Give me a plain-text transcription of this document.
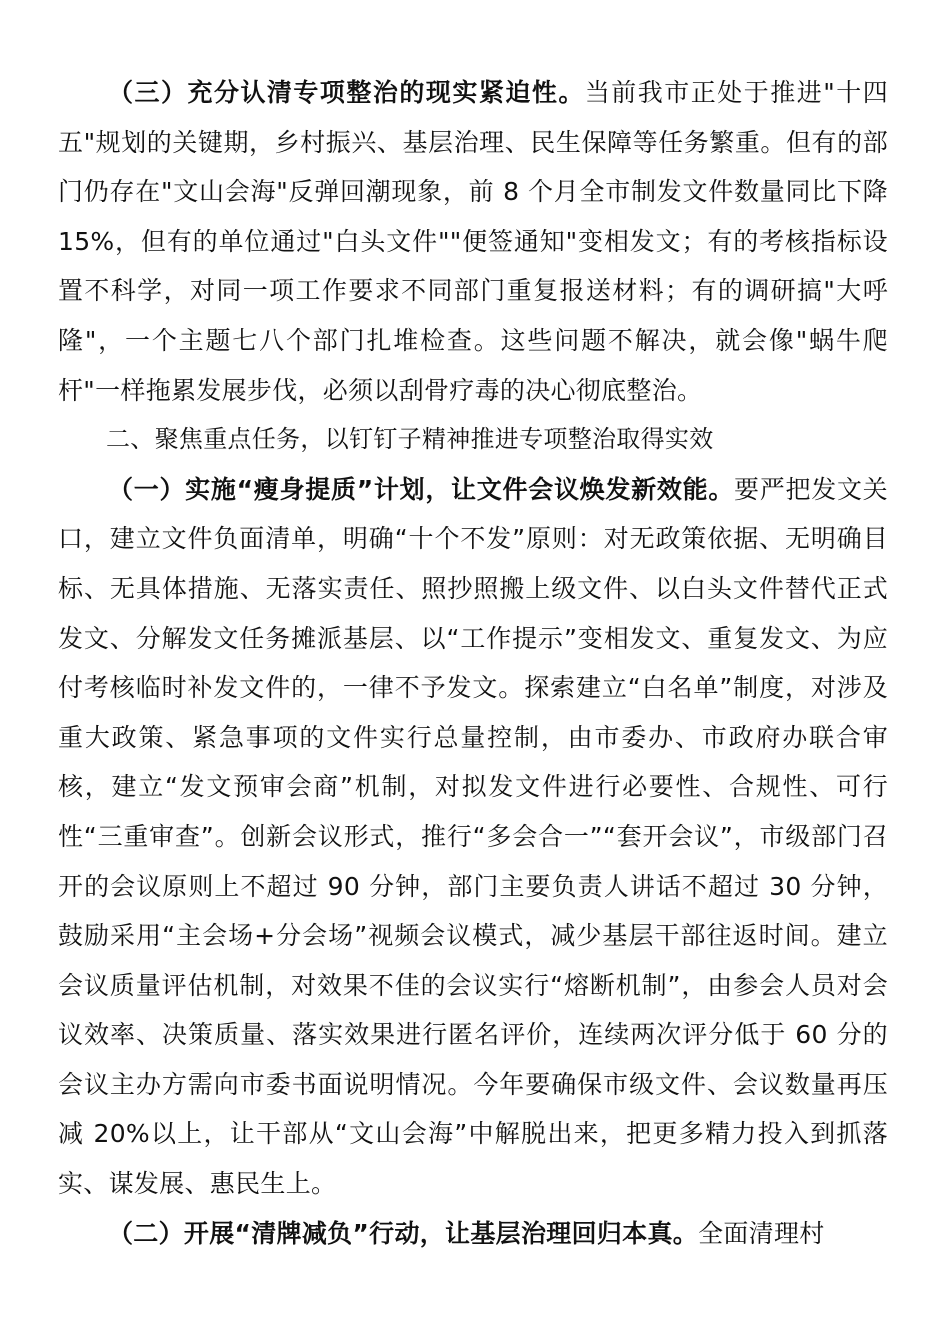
（三）充分认清专项整治的现实紧迫性。当前我市正处于推进"十四五"规划的关键期，乡村振兴、基层治理、民生保障等任务繁重。但有的部门仍存在"文山会海"反弹回潮现象，前 8 个月全市制发文件数量同比下降 15%，但有的单位通过"白头文件""便签通知"变相发文；有的考核指标设置不科学，对同一项工作要求不同部门重复报送材料；有的调研搞"大呼隆"，一个主题七八个部门扎堆检查。这些问题不解决，就会像"蜗牛爬杆"一样拖累发展步伐，必须以刮骨疗毒的决心彻底整治。

二、聚焦重点任务，以钉钉子精神推进专项整治取得实效

（一）实施“瘦身提质”计划，让文件会议焕发新效能。要严把发文关口，建立文件负面清单，明确“十个不发”原则：对无政策依据、无明确目标、无具体措施、无落实责任、照抄照搬上级文件、以白头文件替代正式发文、分解发文任务摊派基层、以“工作提示”变相发文、重复发文、为应付考核临时补发文件的，一律不予发文。探索建立“白名单”制度，对涉及重大政策、紧急事项的文件实行总量控制，由市委办、市政府办联合审核，建立“发文预审会商”机制，对拟发文件进行必要性、合规性、可行性“三重审查”。创新会议形式，推行“多会合一”“套开会议”，市级部门召开的会议原则上不超过 90 分钟，部门主要负责人讲话不超过 30 分钟，鼓励采用“主会场+分会场”视频会议模式，减少基层干部往返时间。建立会议质量评估机制，对效果不佳的会议实行“熔断机制”，由参会人员对会议效率、决策质量、落实效果进行匿名评价，连续两次评分低于 60 分的会议主办方需向市委书面说明情况。今年要确保市级文件、会议数量再压减 20%以上，让干部从“文山会海”中解脱出来，把更多精力投入到抓落实、谋发展、惠民生上。

（二）开展“清牌减负”行动，让基层治理回归本真。全面清理村
